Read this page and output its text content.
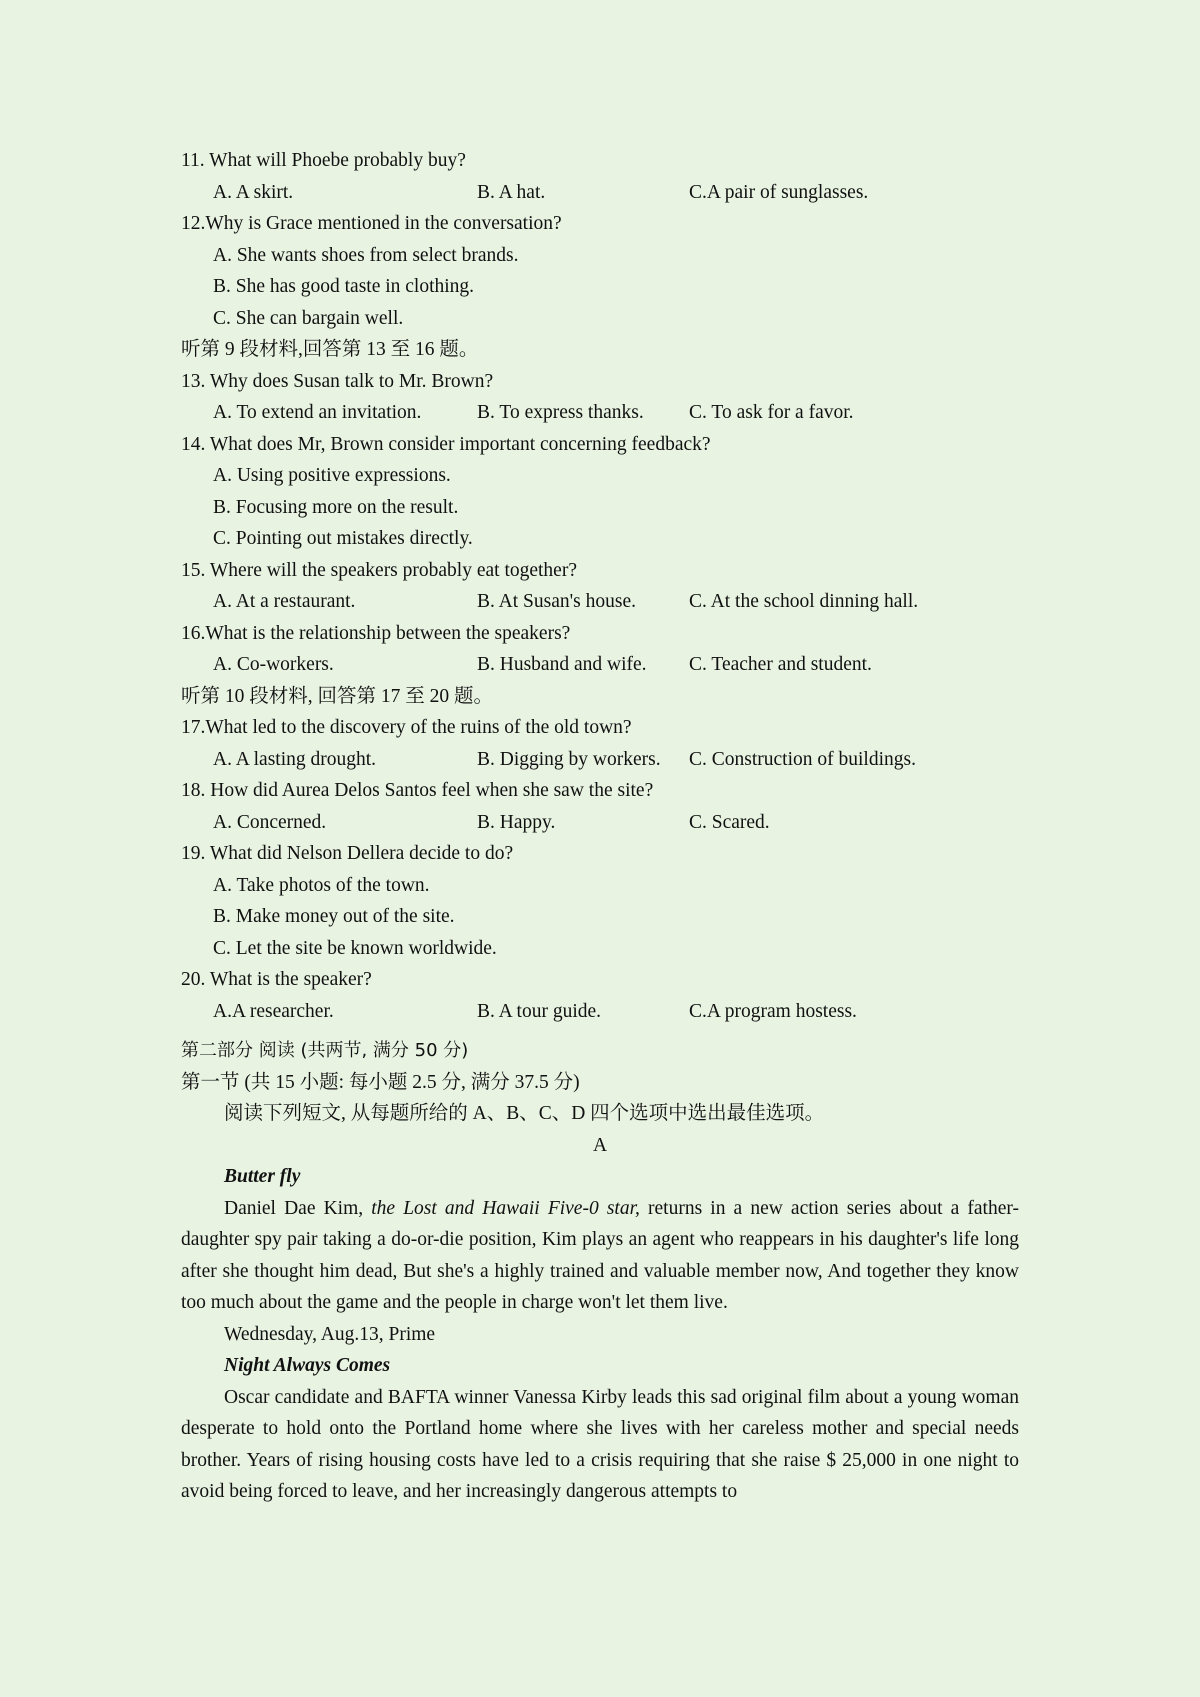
11. What will Phoebe probably buy?
A. A skirt.	B. A hat.	C.A pair of sunglasses.
12.Why is Grace mentioned in the conversation?
A. She wants shoes from select brands.
B. She has good taste in clothing.
C. She can bargain well.
听第 9 段材料,回答第 13 至 16 题。
13. Why does Susan talk to Mr. Brown?
A. To extend an invitation.	B. To express thanks. C. To ask for a favor.
14. What does Mr, Brown consider important concerning feedback?
A. Using positive expressions.
B. Focusing more on the result.
C. Pointing out mistakes directly.
15. Where will the speakers probably eat together?
A. At a restaurant.	B. At Susan's house.	C. At the school dinning hall.
16.What is the relationship between the speakers?
A. Co-workers.	B. Husband and wife. C. Teacher and student.
听第 10 段材料, 回答第 17 至 20 题。
17.What led to the discovery of the ruins of the old town?
A. A lasting drought.	B. Digging by workers. C. Construction of buildings.
18. How did Aurea Delos Santos feel when she saw the site?
A. Concerned.	B. Happy.	C. Scared.
19. What did Nelson Dellera decide to do?
A. Take photos of the town.
B. Make money out of the site.
C. Let the site be known worldwide.
20. What is the speaker?
A.A researcher.	B. A tour guide.	C.A program hostess.
第二部分 阅读 (共两节, 满分 50 分)
第一节 (共 15 小题: 每小题 2.5 分, 满分 37.5 分)
阅读下列短文, 从每题所给的 A、B、C、D 四个选项中选出最佳选项。
A
Butter fly
Daniel Dae Kim, the Lost and Hawaii Five-0 star, returns in a new action series about a father-daughter spy pair taking a do-or-die position, Kim plays an agent who reappears in his daughter's life long after she thought him dead, But she's a highly trained and valuable member now, And together they know too much about the game and the people in charge won't let them live.
Wednesday, Aug.13, Prime
Night Always Comes
Oscar candidate and BAFTA winner Vanessa Kirby leads this sad original film about a young woman desperate to hold onto the Portland home where she lives with her careless mother and special needs brother. Years of rising housing costs have led to a crisis requiring that she raise $ 25,000 in one night to avoid being forced to leave, and her increasingly dangerous attempts to
